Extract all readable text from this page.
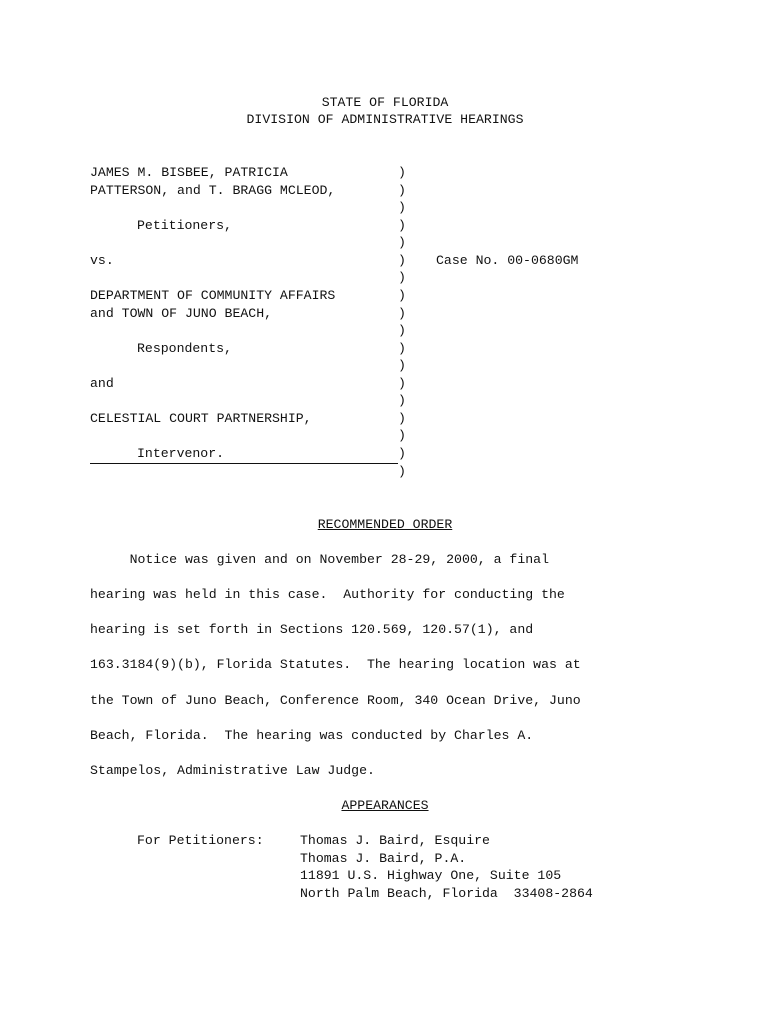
STATE OF FLORIDA
DIVISION OF ADMINISTRATIVE HEARINGS
JAMES M. BISBEE, PATRICIA
PATTERSON, and T. BRAGG MCLEOD,
Petitioners,
vs.
DEPARTMENT OF COMMUNITY AFFAIRS
and TOWN OF JUNO BEACH,
Respondents,
and
CELESTIAL COURT PARTNERSHIP,
Intervenor.
)
)
)
)
)
)
)
)
)
)
)
)
)
)
)
)
)
)
Case No. 00-0680GM
RECOMMENDED ORDER
Notice was given and on November 28-29, 2000, a final
hearing was held in this case.  Authority for conducting the
hearing is set forth in Sections 120.569, 120.57(1), and
163.3184(9)(b), Florida Statutes.  The hearing location was at
the Town of Juno Beach, Conference Room, 340 Ocean Drive, Juno
Beach, Florida.  The hearing was conducted by Charles A.
Stampelos, Administrative Law Judge.
APPEARANCES
For Petitioners:	Thomas J. Baird, Esquire
Thomas J. Baird, P.A.
11891 U.S. Highway One, Suite 105
North Palm Beach, Florida  33408-2864
